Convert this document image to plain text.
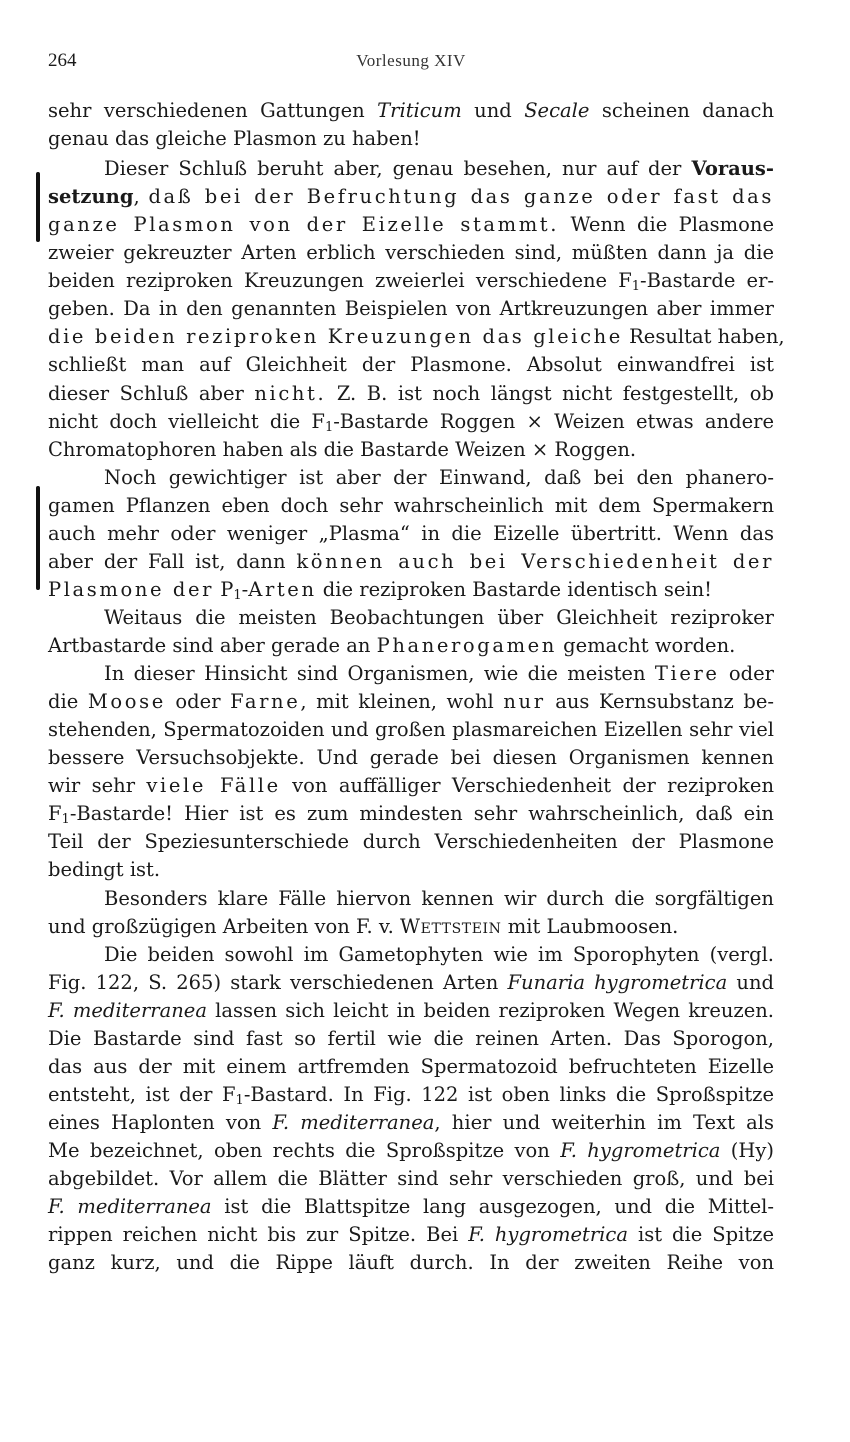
264	Vorlesung XIV
sehr verschiedenen Gattungen Triticum und Secale scheinen danach
genau das gleiche Plasmon zu haben!
Dieser Schluß beruht aber, genau besehen, nur auf der Voraus-
setzung, daß bei der Befruchtung das ganze oder fast das
ganze Plasmon von der Eizelle stammt. Wenn die Plasmone
zweier gekreuzter Arten erblich verschieden sind, müßten dann ja die
beiden reziproken Kreuzungen zweierlei verschiedene $F_1$-Bastarde er-
geben. Da in den genannten Beispielen von Artkreuzungen aber immer
die beiden reziproken Kreuzungen das gleiche Resultat haben,
schließt man auf Gleichheit der Plasmone. Absolut einwandfrei ist
dieser Schluß aber nicht. Z. B. ist noch längst nicht festgestellt, ob
nicht doch vielleicht die $F_1$-Bastarde Roggen × Weizen etwas andere
Chromatophoren haben als die Bastarde Weizen × Roggen.
Noch gewichtiger ist aber der Einwand, daß bei den phanero-
gamen Pflanzen eben doch sehr wahrscheinlich mit dem Spermakern
auch mehr oder weniger „Plasma“ in die Eizelle übertritt. Wenn das
aber der Fall ist, dann können auch bei Verschiedenheit der
Plasmone der $P_1$-Arten die reziproken Bastarde identisch sein!
Weitaus die meisten Beobachtungen über Gleichheit reziproker
Artbastarde sind aber gerade an Phanerogamen gemacht worden.
In dieser Hinsicht sind Organismen, wie die meisten Tiere oder
die Moose oder Farne, mit kleinen, wohl nur aus Kernsubstanz be-
stehenden, Spermatozoiden und großen plasmareichen Eizellen sehr viel
bessere Versuchsobjekte. Und gerade bei diesen Organismen kennen
wir sehr viele Fälle von auffälliger Verschiedenheit der reziproken
$F_1$-Bastarde! Hier ist es zum mindesten sehr wahrscheinlich, daß ein
Teil der Speziesunterschiede durch Verschiedenheiten der Plasmone
bedingt ist.
Besonders klare Fälle hiervon kennen wir durch die sorgfältigen
und großzügigen Arbeiten von F. v. Wettstein mit Laubmoosen.
Die beiden sowohl im Gametophyten wie im Sporophyten (vergl.
Fig. 122, S. 265) stark verschiedenen Arten Funaria hygrometrica und
F. mediterranea lassen sich leicht in beiden reziproken Wegen kreuzen.
Die Bastarde sind fast so fertil wie die reinen Arten. Das Sporogon,
das aus der mit einem artfremden Spermatozoid befruchteten Eizelle
entsteht, ist der $F_1$-Bastard. In Fig. 122 ist oben links die Sproßspitze
eines Haplonten von F. mediterranea, hier und weiterhin im Text als
Me bezeichnet, oben rechts die Sproßspitze von F. hygrometrica (Hy)
abgebildet. Vor allem die Blätter sind sehr verschieden groß, und bei
F. mediterranea ist die Blattspitze lang ausgezogen, und die Mittel-
rippen reichen nicht bis zur Spitze. Bei F. hygrometrica ist die Spitze
ganz kurz, und die Rippe läuft durch. In der zweiten Reihe von
